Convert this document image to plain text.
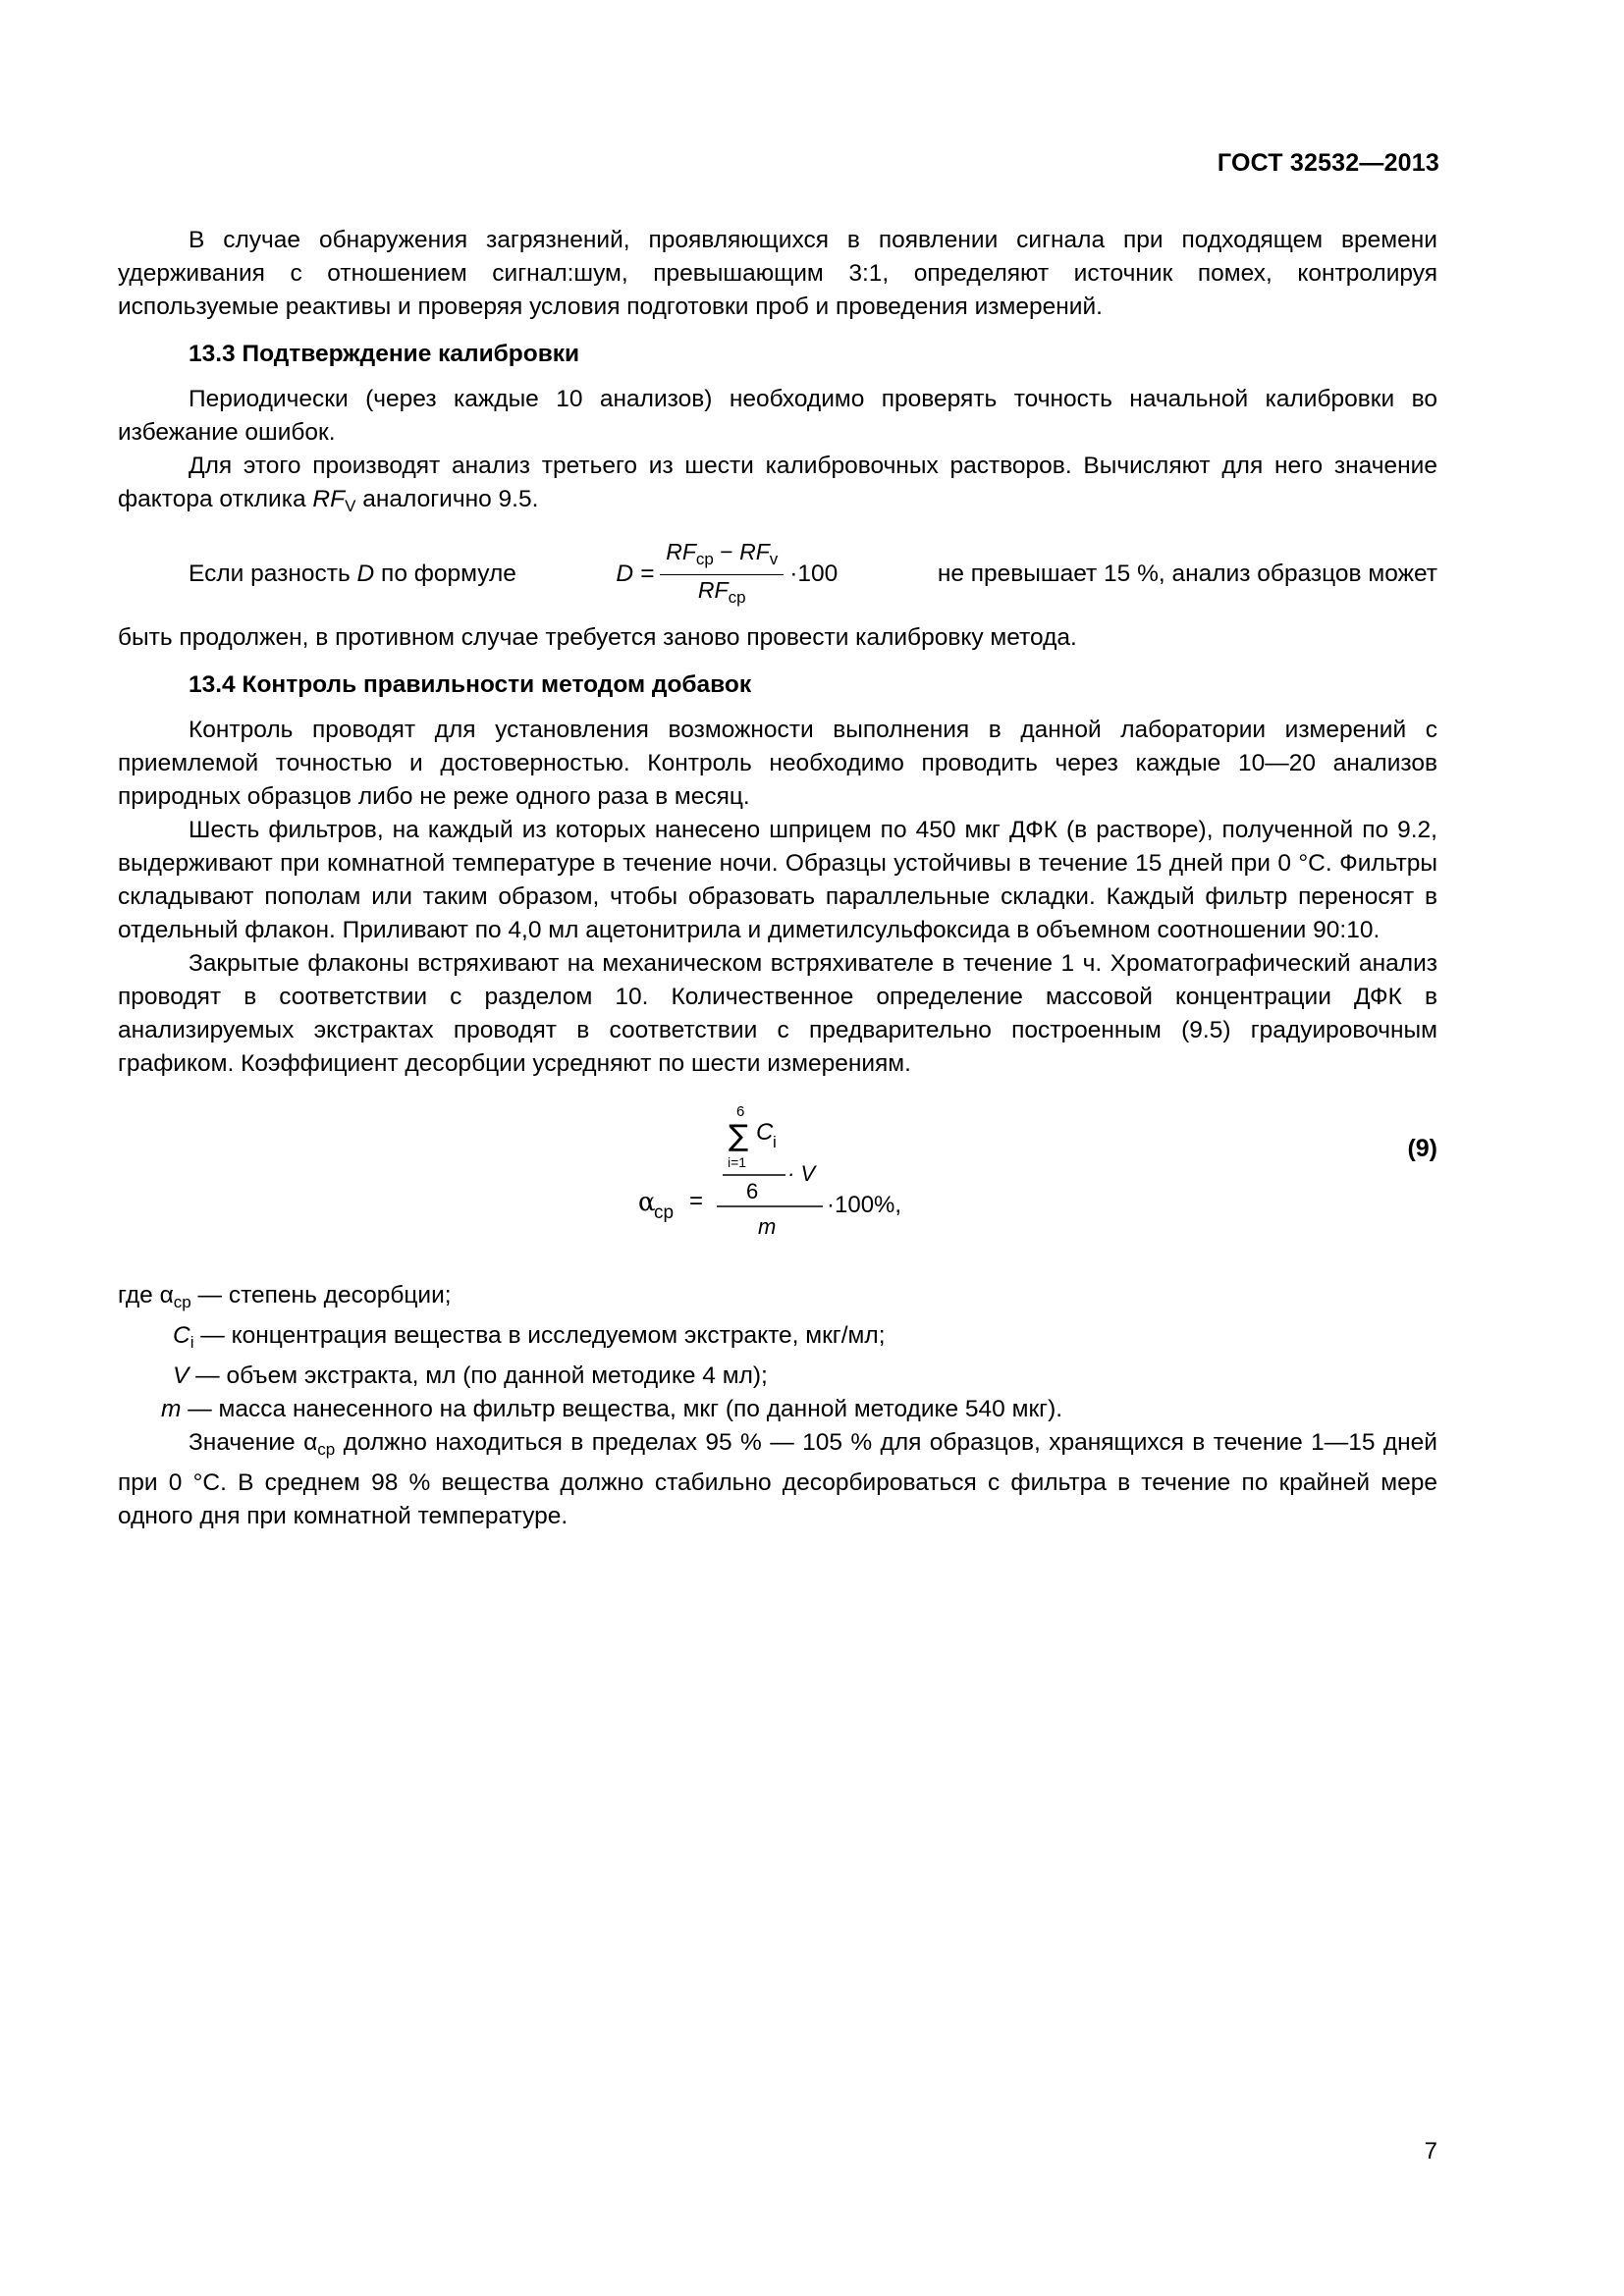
ГОСТ 32532—2013

В случае обнаружения загрязнений, проявляющихся в появлении сигнала при подходящем времени удерживания с отношением сигнал:шум, превышающим 3:1, определяют источник помех, контролируя используемые реактивы и проверяя условия подготовки проб и проведения измерений.

13.3 Подтверждение калибровки

Периодически (через каждые 10 анализов) необходимо проверять точность начальной калибровки во избежание ошибок.

Для этого производят анализ третьего из шести калибровочных растворов. Вычисляют для него значение фактора отклика $RF_V$ аналогично 9.5.

Если разность D по формуле	$D = \frac{RF_{ср} - RF_v}{RF_{ср}} \cdot 100$	не превышает 15 %, анализ образцов может

быть продолжен, в противном случае требуется заново провести калибровку метода.

13.4 Контроль правильности методом добавок

Контроль проводят для установления возможности выполнения в данной лаборатории измерений с приемлемой точностью и достоверностью. Контроль необходимо проводить через каждые 10—20 анализов природных образцов либо не реже одного раза в месяц.

Шесть фильтров, на каждый из которых нанесено шприцем по 450 мкг ДФК (в растворе), полученной по 9.2, выдерживают при комнатной температуре в течение ночи. Образцы устойчивы в течение 15 дней при 0 °С. Фильтры складывают пополам или таким образом, чтобы образовать параллельные складки. Каждый фильтр переносят в отдельный флакон. Приливают по 4,0 мл ацетонитрила и диметилсульфоксида в объемном соотношении 90:10.

Закрытые флаконы встряхивают на механическом встряхивателе в течение 1 ч. Хроматографический анализ проводят в соответствии с разделом 10. Количественное определение массовой концентрации ДФК в анализируемых экстрактах проводят в соответствии с предварительно построенным (9.5) градуировочным графиком. Коэффициент десорбции усредняют по шести измерениям.

α
ср =
6
∑ C i
i=1 · V
6
m
·100%,
(9)

где $\alpha_{ср}$ — степень десорбции;

$C_i$ — концентрация вещества в исследуемом экстракте, мкг/мл;

V — объем экстракта, мл (по данной методике 4 мл);

m — масса нанесенного на фильтр вещества, мкг (по данной методике 540 мкг).

Значение $\alpha_{ср}$ должно находиться в пределах 95 % — 105 % для образцов, хранящихся в течение 1—15 дней при 0 °С. В среднем 98 % вещества должно стабильно десорбироваться с фильтра в течение по крайней мере одного дня при комнатной температуре.

7
